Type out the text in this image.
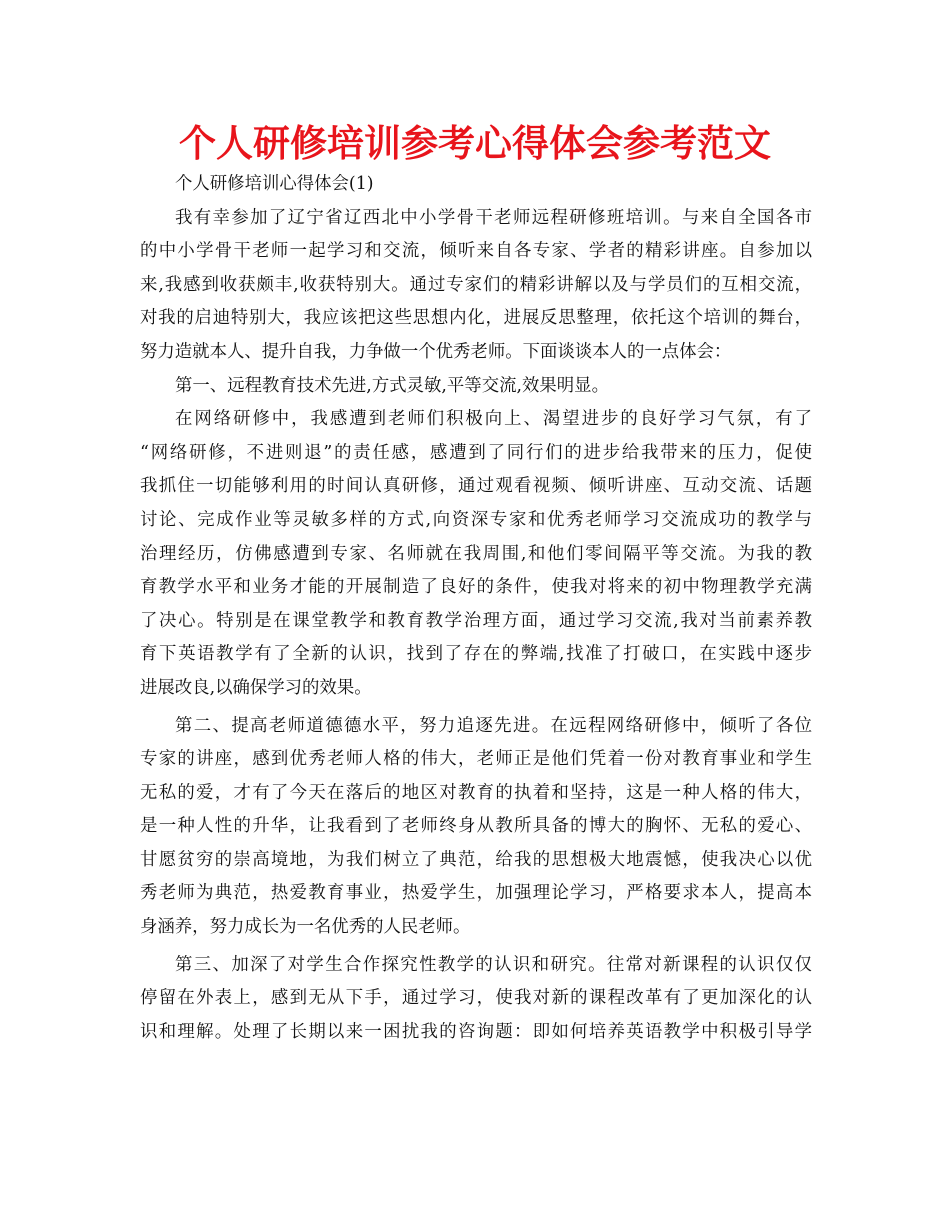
个人研修培训参考心得体会参考范文

个人研修培训心得体会(1)

我有幸参加了辽宁省辽西北中小学骨干老师远程研修班培训。与来自全国各市

的中小学骨干老师一起学习和交流，倾听来自各专家、学者的精彩讲座。自参加以

来,我感到收获颇丰,收获特别大。通过专家们的精彩讲解以及与学员们的互相交流，

对我的启迪特别大，我应该把这些思想内化，进展反思整理，依托这个培训的舞台，

努力造就本人、提升自我，力争做一个优秀老师。下面谈谈本人的一点体会：

第一、远程教育技术先进,方式灵敏,平等交流,效果明显。

在网络研修中，我感遭到老师们积极向上、渴望进步的良好学习气氛，有了

“网络研修，不进则退”的责任感，感遭到了同行们的进步给我带来的压力，促使

我抓住一切能够利用的时间认真研修，通过观看视频、倾听讲座、互动交流、话题

讨论、完成作业等灵敏多样的方式,向资深专家和优秀老师学习交流成功的教学与

治理经历，仿佛感遭到专家、名师就在我周围,和他们零间隔平等交流。为我的教

育教学水平和业务才能的开展制造了良好的条件，使我对将来的初中物理教学充满

了决心。特别是在课堂教学和教育教学治理方面，通过学习交流,我对当前素养教

育下英语教学有了全新的认识，找到了存在的弊端,找准了打破口，在实践中逐步

进展改良,以确保学习的效果。

第二、提高老师道德德水平，努力追逐先进。在远程网络研修中，倾听了各位

专家的讲座，感到优秀老师人格的伟大，老师正是他们凭着一份对教育事业和学生

无私的爱，才有了今天在落后的地区对教育的执着和坚持，这是一种人格的伟大，

是一种人性的升华，让我看到了老师终身从教所具备的博大的胸怀、无私的爱心、

甘愿贫穷的崇高境地，为我们树立了典范，给我的思想极大地震憾，使我决心以优

秀老师为典范，热爱教育事业，热爱学生，加强理论学习，严格要求本人，提高本

身涵养，努力成长为一名优秀的人民老师。

第三、加深了对学生合作探究性教学的认识和研究。往常对新课程的认识仅仅

停留在外表上，感到无从下手，通过学习，使我对新的课程改革有了更加深化的认

识和理解。处理了长期以来一困扰我的咨询题：即如何培养英语教学中积极引导学
